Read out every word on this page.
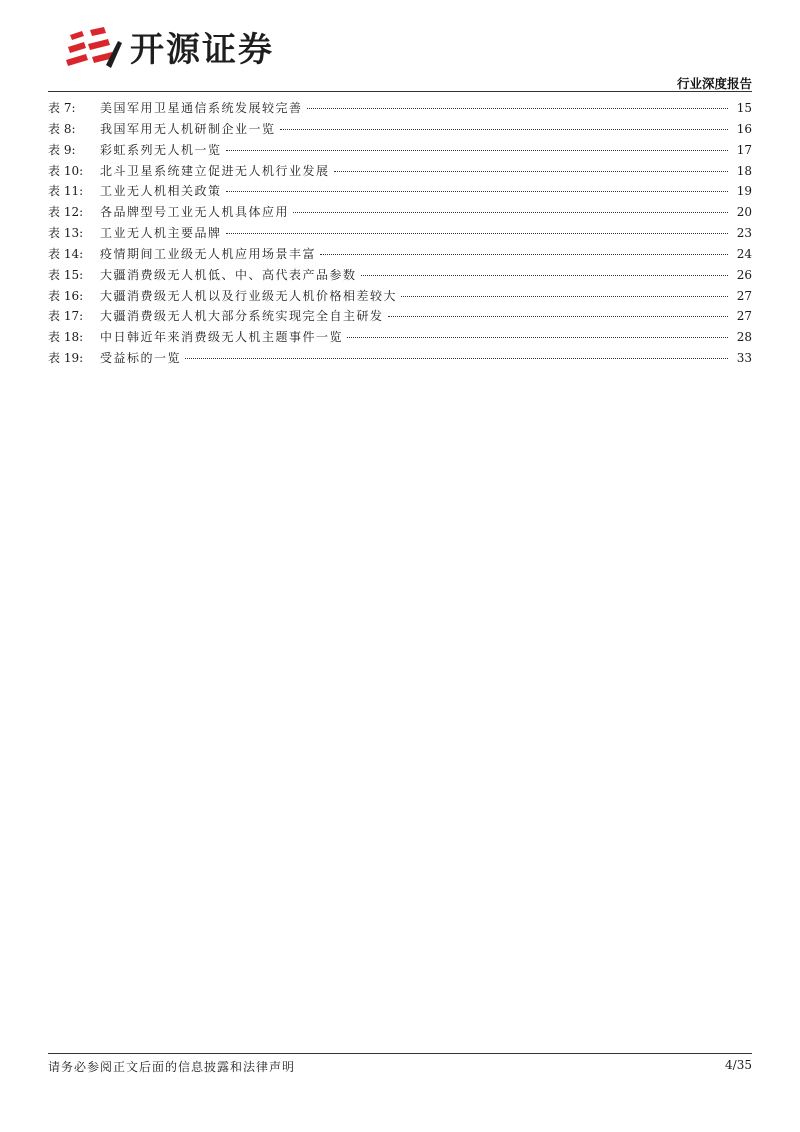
开源证券
行业深度报告
表 7:	美国军用卫星通信系统发展较完善	15
表 8:	我国军用无人机研制企业一览	16
表 9:	彩虹系列无人机一览	17
表 10:	北斗卫星系统建立促进无人机行业发展	18
表 11:	工业无人机相关政策	19
表 12:	各品牌型号工业无人机具体应用	20
表 13:	工业无人机主要品牌	23
表 14:	疫情期间工业级无人机应用场景丰富	24
表 15:	大疆消费级无人机低、中、高代表产品参数	26
表 16:	大疆消费级无人机以及行业级无人机价格相差较大	27
表 17:	大疆消费级无人机大部分系统实现完全自主研发	27
表 18:	中日韩近年来消费级无人机主题事件一览	28
表 19:	受益标的一览	33
请务必参阅正文后面的信息披露和法律声明	4/35
